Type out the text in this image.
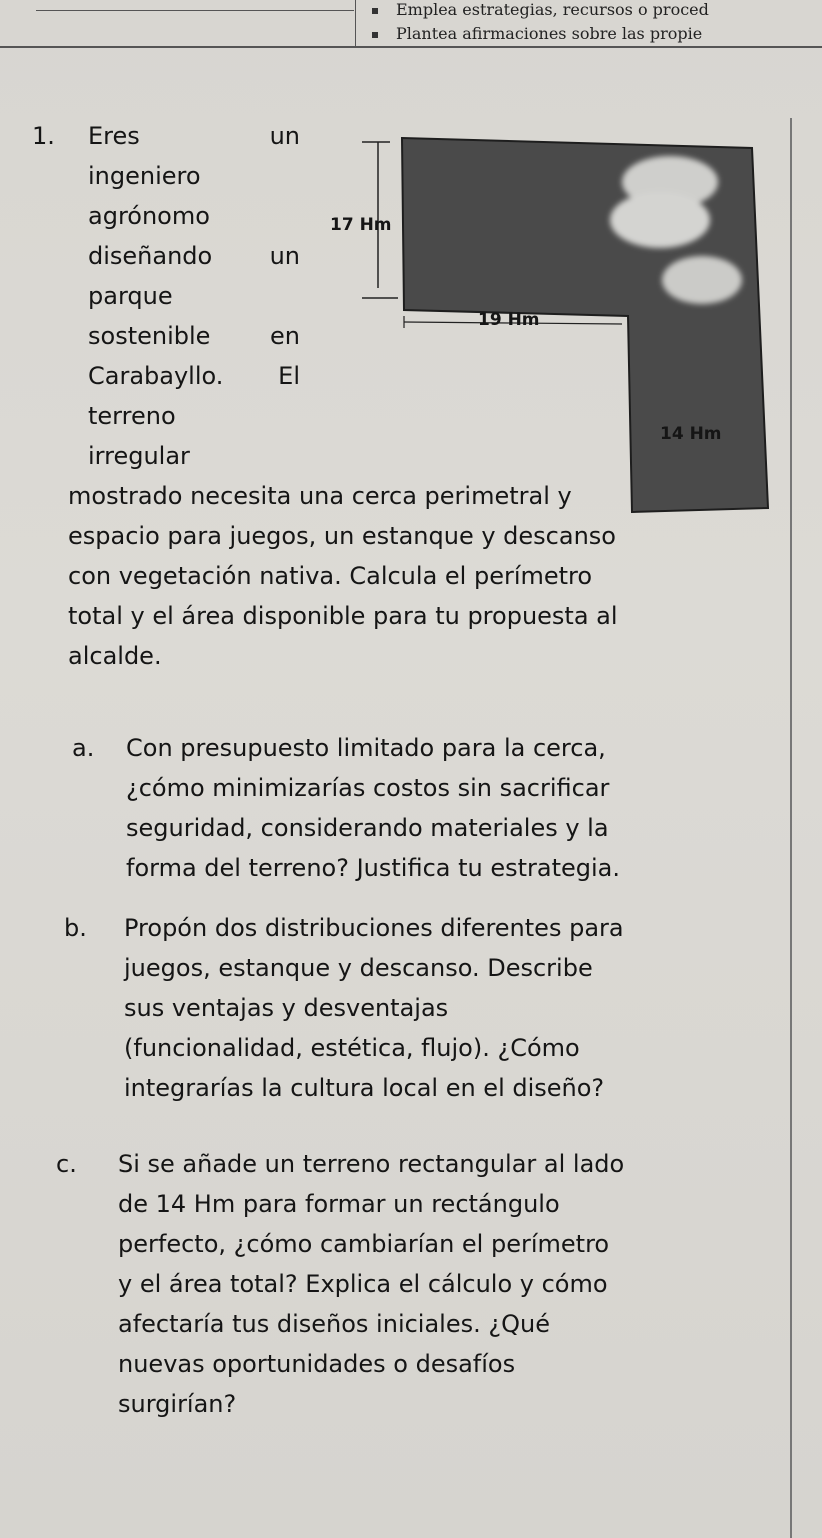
Emplea estrategias, recursos o proced
Plantea afirmaciones sobre las propie
1. Eres	un
ingeniero
agrónomo
diseñando un
parque
sostenible en
Carabayllo. El
terreno
irregular
17 Hm
19 Hm
14 Hm
mostrado necesita una cerca perimetral y
espacio para juegos, un estanque y descanso
con vegetación nativa. Calcula el perímetro
total y el área disponible para tu propuesta al
alcalde.
a. Con presupuesto limitado para la cerca,
¿cómo minimizarías costos sin sacrificar
seguridad, considerando materiales y la
forma del terreno? Justifica tu estrategia.
b. Propón dos distribuciones diferentes para
juegos, estanque y descanso. Describe
sus ventajas y desventajas
(funcionalidad, estética, flujo). ¿Cómo
integrarías la cultura local en el diseño?
c. Si se añade un terreno rectangular al lado
de 14 Hm para formar un rectángulo
perfecto, ¿cómo cambiarían el perímetro
y el área total? Explica el cálculo y cómo
afectaría tus diseños iniciales. ¿Qué
nuevas oportunidades o desafíos
surgirían?
